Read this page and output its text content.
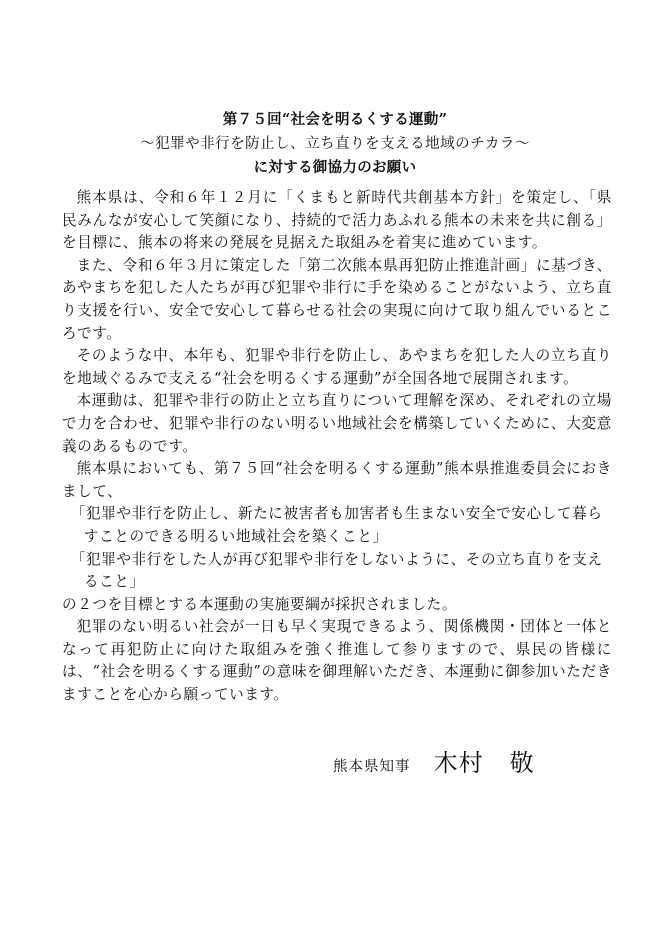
第７５回“社会を明るくする運動”
～犯罪や非行を防止し、立ち直りを支える地域のチカラ～
に対する御協力のお願い

熊本県は、令和６年１２月に「くまもと新時代共創基本方針」を策定し、「県民みんなが安心して笑顔になり、持続的で活力あふれる熊本の未来を共に創る」を目標に、熊本の将来の発展を見据えた取組みを着実に進めています。

また、令和６年３月に策定した「第二次熊本県再犯防止推進計画」に基づき、あやまちを犯した人たちが再び犯罪や非行に手を染めることがないよう、立ち直り支援を行い、安全で安心して暮らせる社会の実現に向けて取り組んでいるところです。

そのような中、本年も、犯罪や非行を防止し、あやまちを犯した人の立ち直りを地域ぐるみで支える“社会を明るくする運動”が全国各地で展開されます。

本運動は、犯罪や非行の防止と立ち直りについて理解を深め、それぞれの立場で力を合わせ、犯罪や非行のない明るい地域社会を構築していくために、大変意義のあるものです。

熊本県においても、第７５回“社会を明るくする運動”熊本県推進委員会におきまして、

「犯罪や非行を防止し、新たに被害者も加害者も生まない安全で安心して暮らすことのできる明るい地域社会を築くこと」

「犯罪や非行をした人が再び犯罪や非行をしないように、その立ち直りを支えること」

の２つを目標とする本運動の実施要綱が採択されました。

犯罪のない明るい社会が一日も早く実現できるよう、関係機関・団体と一体となって再犯防止に向けた取組みを強く推進して参りますので、県民の皆様には、“社会を明るくする運動”の意味を御理解いただき、本運動に御参加いただきますことを心から願っています。

熊本県知事 木村 敬
